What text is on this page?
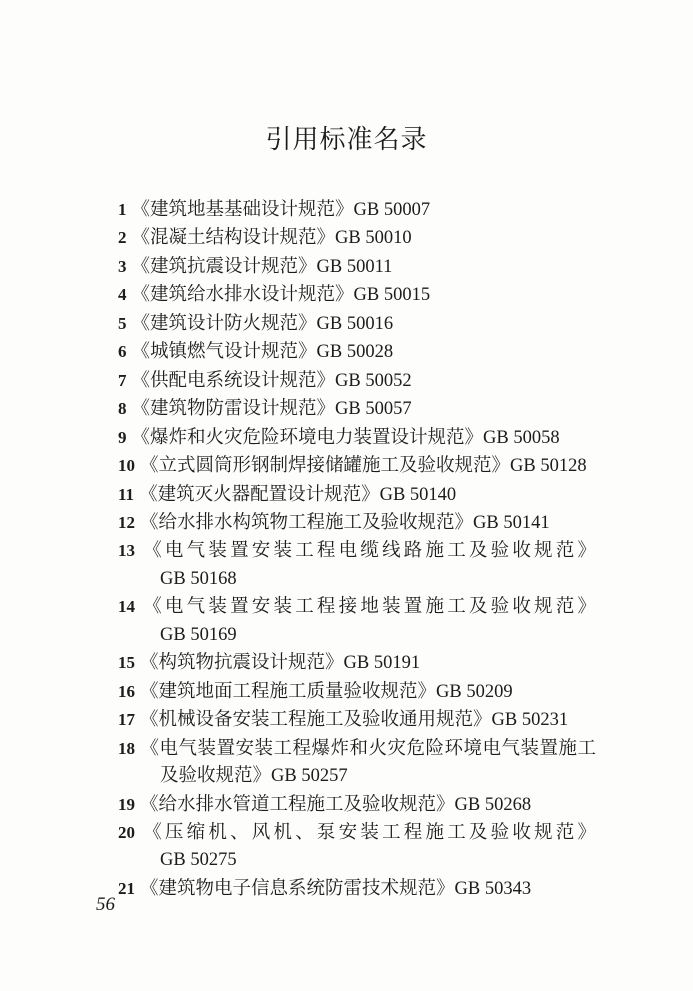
引用标准名录
1 《建筑地基基础设计规范》GB 50007
2 《混凝土结构设计规范》GB 50010
3 《建筑抗震设计规范》GB 50011
4 《建筑给水排水设计规范》GB 50015
5 《建筑设计防火规范》GB 50016
6 《城镇燃气设计规范》GB 50028
7 《供配电系统设计规范》GB 50052
8 《建筑物防雷设计规范》GB 50057
9 《爆炸和火灾危险环境电力装置设计规范》GB 50058
10 《立式圆筒形钢制焊接储罐施工及验收规范》GB 50128
11 《建筑灭火器配置设计规范》GB 50140
12 《给水排水构筑物工程施工及验收规范》GB 50141
13 《电气装置安装工程电缆线路施工及验收规范》GB 50168
14 《电气装置安装工程接地装置施工及验收规范》GB 50169
15 《构筑物抗震设计规范》GB 50191
16 《建筑地面工程施工质量验收规范》GB 50209
17 《机械设备安装工程施工及验收通用规范》GB 50231
18 《电气装置安装工程爆炸和火灾危险环境电气装置施工及验收规范》GB 50257
19 《给水排水管道工程施工及验收规范》GB 50268
20 《压缩机、风机、泵安装工程施工及验收规范》GB 50275
21 《建筑物电子信息系统防雷技术规范》GB 50343
56
